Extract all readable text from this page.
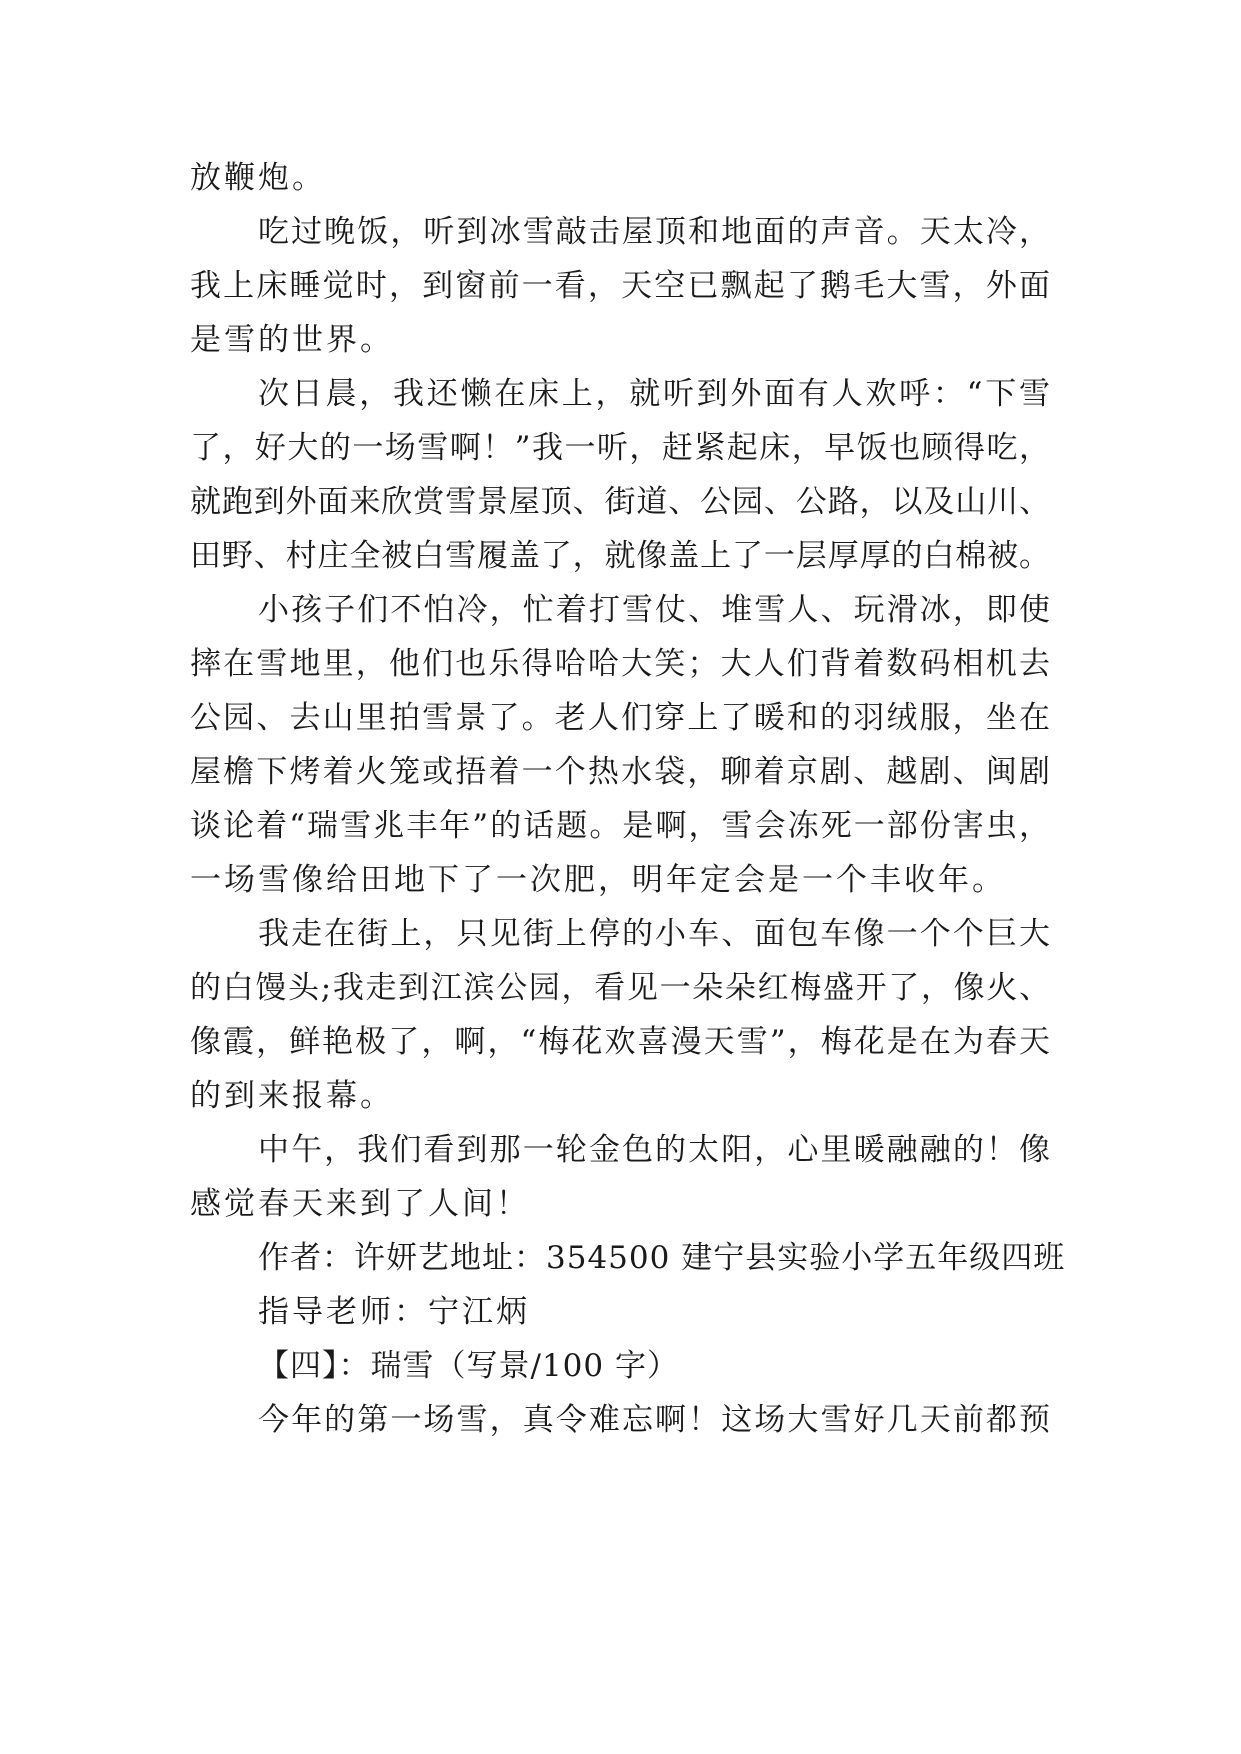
放鞭炮。
吃过晚饭，听到冰雪敲击屋顶和地面的声音。天太冷，
我上床睡觉时，到窗前一看，天空已飘起了鹅毛大雪，外面
是雪的世界。
次日晨，我还懒在床上，就听到外面有人欢呼：“下雪
了，好大的一场雪啊！”我一听，赶紧起床，早饭也顾得吃，
就跑到外面来欣赏雪景屋顶、街道、公园、公路，以及山川、
田野、村庄全被白雪履盖了，就像盖上了一层厚厚的白棉被。
小孩子们不怕冷，忙着打雪仗、堆雪人、玩滑冰，即使
摔在雪地里，他们也乐得哈哈大笑；大人们背着数码相机去
公园、去山里拍雪景了。老人们穿上了暖和的羽绒服，坐在
屋檐下烤着火笼或捂着一个热水袋，聊着京剧、越剧、闽剧
谈论着“瑞雪兆丰年”的话题。是啊，雪会冻死一部份害虫，
一场雪像给田地下了一次肥，明年定会是一个丰收年。
我走在街上，只见街上停的小车、面包车像一个个巨大
的白馒头;我走到江滨公园，看见一朵朵红梅盛开了，像火、
像霞，鲜艳极了，啊，“梅花欢喜漫天雪”，梅花是在为春天
的到来报幕。
中午，我们看到那一轮金色的太阳，心里暖融融的！像
感觉春天来到了人间！
作者：许妍艺地址：354500 建宁县实验小学五年级四班
指导老师：宁江炳
【四】：瑞雪（写景/100 字）
今年的第一场雪，真令难忘啊！这场大雪好几天前都预
